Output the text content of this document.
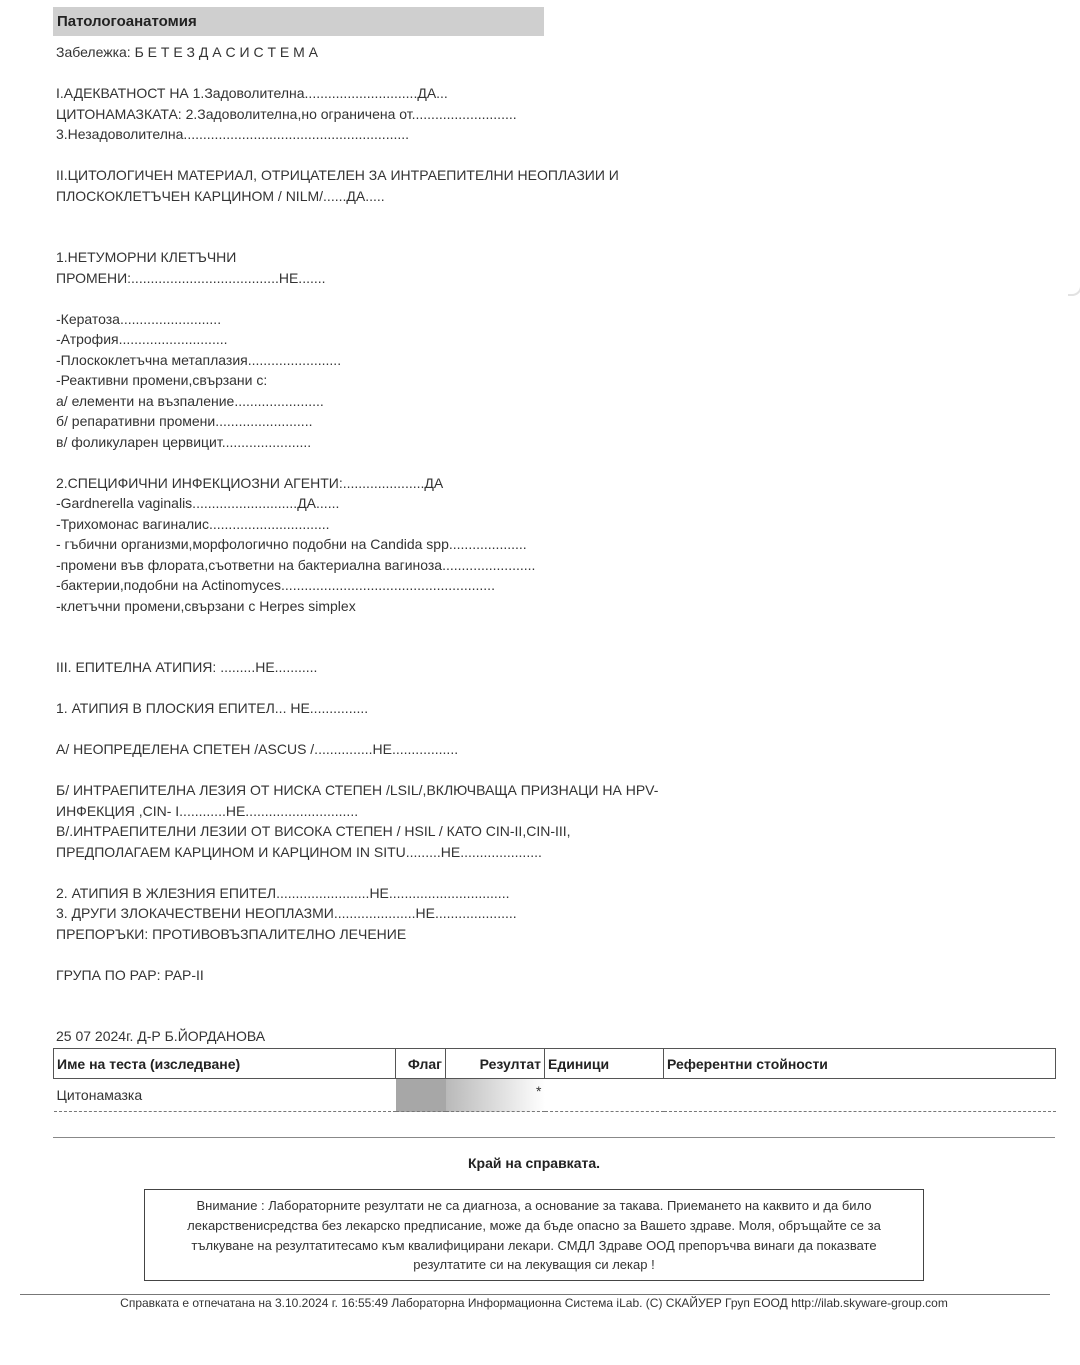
Патологоанатомия
Забележка: Б Е Т Е З Д А С И С Т Е М А
I.АДЕКВАТНОСТ НА 1.Задоволителна.............................ДА...
ЦИТОНАМАЗКАТА: 2.Задоволителна,но ограничена от...........................
3.Незадоволителна..........................................................
II.ЦИТОЛОГИЧЕН МАТЕРИАЛ, ОТРИЦАТЕЛЕН ЗА ИНТРАЕПИТЕЛНИ НЕОПЛАЗИИ И
ПЛОСКОКЛЕТЪЧЕН КАРЦИНОМ / NILM/......ДА.....
1.НЕТУМОРНИ КЛЕТЪЧНИ
ПРОМЕНИ:......................................НЕ.......
-Кератоза..........................
-Атрофия............................
-Плоскоклетъчна метаплазия........................
-Реактивни промени,свързани с:
а/ елементи на възпаление.......................
б/ репаративни промени.........................
в/ фоликуларен цервицит.......................
2.СПЕЦИФИЧНИ ИНФЕКЦИОЗНИ АГЕНТИ:.....................ДА
-Gardnerella vaginalis...........................ДА......
-Трихомонас вагиналис...............................
- гъбични организми,морфологично подобни на Candida spp....................
-промени във флората,съответни на бактериална вагиноза........................
-бактерии,подобни на Actinomyces.......................................................
-клетъчни промени,свързани с Herpes simplex
III. ЕПИТЕЛНА АТИПИЯ: .........НЕ...........
1. АТИПИЯ В ПЛОСКИЯ ЕПИТЕЛ... НЕ...............
А/ НЕОПРЕДЕЛЕНА СПЕТЕН /ASCUS /...............НЕ.................
Б/ ИНТРАЕПИТЕЛНА ЛЕЗИЯ ОТ НИСКА СТЕПЕН /LSIL/,ВКЛЮЧВАЩА ПРИЗНАЦИ НА HPV-
ИНФЕКЦИЯ ,CIN- I............НЕ.............................
В/.ИНТРАЕПИТЕЛНИ ЛЕЗИИ ОТ ВИСОКА СТЕПЕН / HSIL / КАТО CIN-II,CIN-III,
ПРЕДПОЛАГАЕМ КАРЦИНОМ И КАРЦИНОМ IN SITU.........НЕ.....................
2. АТИПИЯ В ЖЛЕЗНИЯ ЕПИТЕЛ........................НЕ...............................
3. ДРУГИ ЗЛОКАЧЕСТВЕНИ НЕОПЛАЗМИ.....................НЕ.....................
ПРЕПОРЪКИ: ПРОТИВОВЪЗПАЛИТЕЛНО ЛЕЧЕНИЕ
ГРУПА ПО PAP: PAP-II
25 07 2024г. Д-Р Б.ЙОРДАНОВА
Име на теста (изследване)	Флаг	Резултат	Единици	Референтни стойности
Цитонамазка		*		
Край на справката.
Внимание : Лабораторните резултати не са диагноза, а основание за такава. Приемането на каквито и да било лекарственисредства без лекарско предписание, може да бъде опасно за Вашето здраве. Моля, обръщайте се за тълкуване на резултатитесамо към квалифицирани лекари. СМДЛ Здраве ООД препоръчва винаги да показвате резултатите си на лекуващия си лекар !
Справката е отпечатана на 3.10.2024 г. 16:55:49 Лабораторна Информационна Система iLab. (C) СКАЙУЕР Груп ЕООД http://ilab.skyware-group.com
